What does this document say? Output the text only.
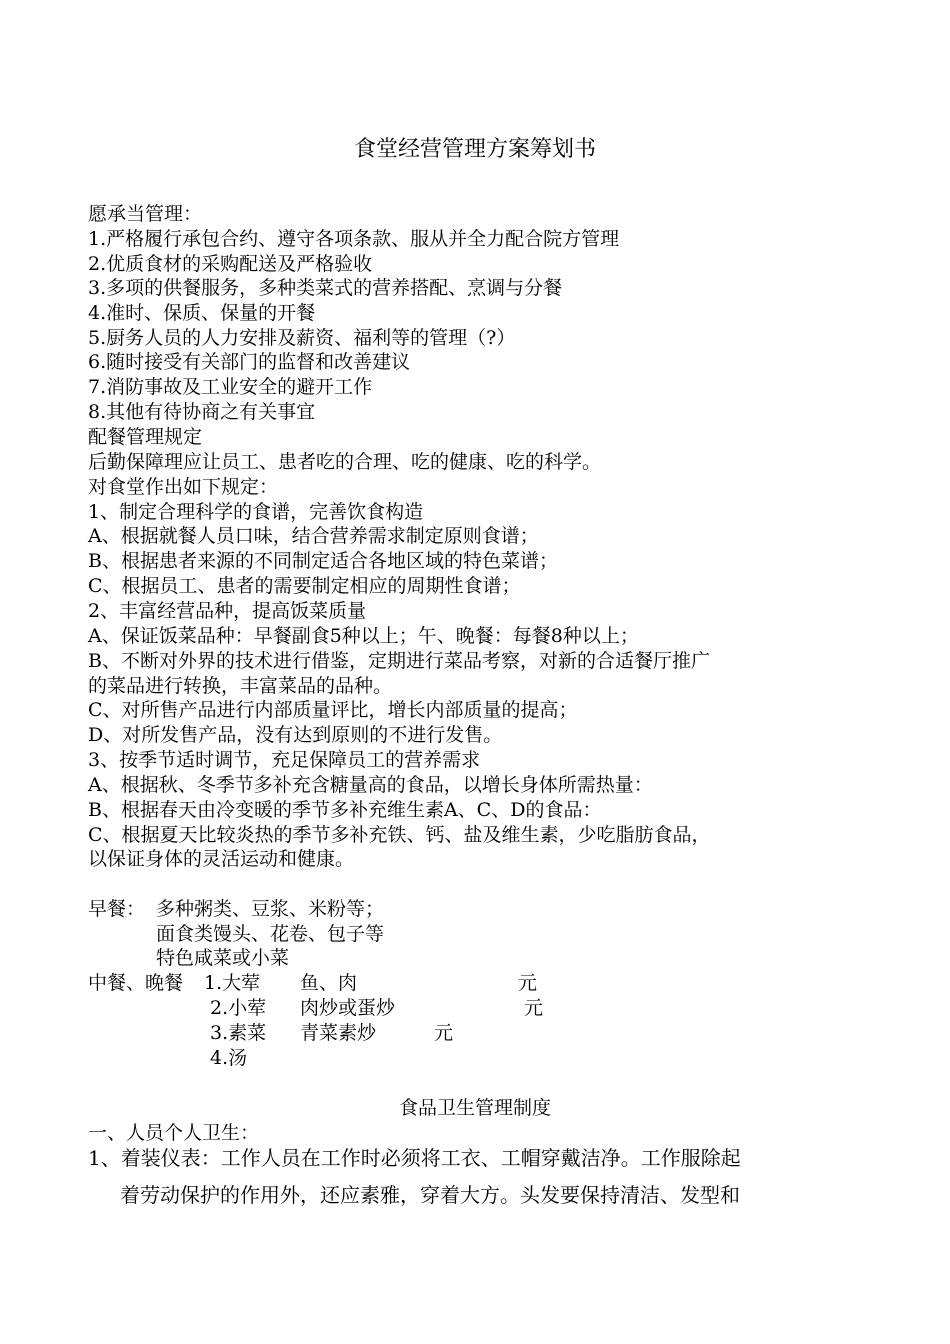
食堂经营管理方案筹划书
愿承当管理：
1.严格履行承包合约、遵守各项条款、服从并全力配合院方管理
2.优质食材的采购配送及严格验收
3.多项的供餐服务，多种类菜式的营养搭配、烹调与分餐
4.准时、保质、保量的开餐
5.厨务人员的人力安排及薪资、福利等的管理（?）
6.随时接受有关部门的监督和改善建议
7.消防事故及工业安全的避开工作
8.其他有待协商之有关事宜
配餐管理规定
后勤保障理应让员工、患者吃的合理、吃的健康、吃的科学。
对食堂作出如下规定：
1、制定合理科学的食谱，完善饮食构造
A、根据就餐人员口味，结合营养需求制定原则食谱；
B、根据患者来源的不同制定适合各地区域的特色菜谱；
C、根据员工、患者的需要制定相应的周期性食谱；
2、丰富经营品种，提高饭菜质量
A、保证饭菜品种：早餐副食5种以上；午、晚餐：每餐8种以上；
B、不断对外界的技术进行借鉴，定期进行菜品考察，对新的合适餐厅推广
的菜品进行转换，丰富菜品的品种。
C、对所售产品进行内部质量评比，增长内部质量的提高；
D、对所发售产品，没有达到原则的不进行发售。
3、按季节适时调节，充足保障员工的营养需求
A、根据秋、冬季节多补充含糖量高的食品，以增长身体所需热量：
B、根据春天由冷变暖的季节多补充维生素A、C、D的食品：
C、根据夏天比较炎热的季节多补充铁、钙、盐及维生素，少吃脂肪食品，
以保证身体的灵活运动和健康。
早餐： 多种粥类、豆浆、米粉等；
面食类馒头、花卷、包子等
特色咸菜或小菜
中餐、晚餐 1.大荤 鱼、肉	元
2.小荤 肉炒或蛋炒	元
3.素菜 青菜素炒	元
4.汤
食品卫生管理制度
一、人员个人卫生：
1、着装仪表：工作人员在工作时必须将工衣、工帽穿戴洁净。工作服除起
着劳动保护的作用外，还应素雅，穿着大方。头发要保持清洁、发型和
